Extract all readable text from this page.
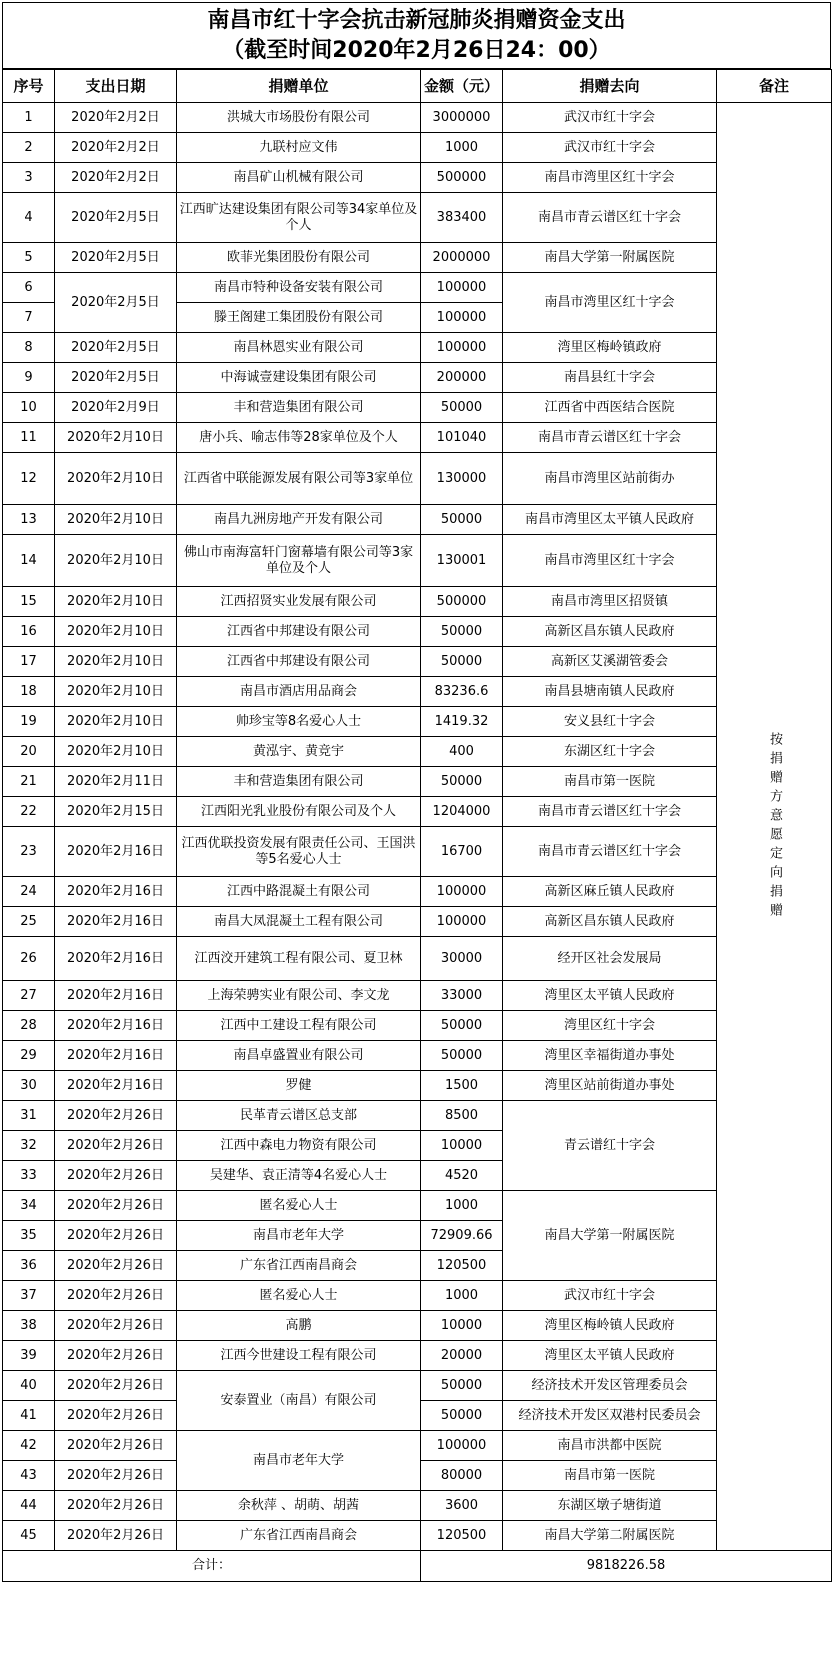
南昌市红十字会抗击新冠肺炎捐赠资金支出
（截至时间2020年2月26日24：00）
序号	支出日期	捐赠单位	金额（元）	捐赠去向	备注
1	2020年2月2日	洪城大市场股份有限公司	3000000	武汉市红十字会	按捐赠方意愿定向捐赠
2	2020年2月2日	九联村应文伟	1000	武汉市红十字会	
3	2020年2月2日	南昌矿山机械有限公司	500000	南昌市湾里区红十字会	
4	2020年2月5日	江西旷达建设集团有限公司等34家单位及个人	383400	南昌市青云谱区红十字会	
5	2020年2月5日	欧菲光集团股份有限公司	2000000	南昌大学第一附属医院	
6	2020年2月5日	南昌市特种设备安装有限公司	100000	南昌市湾里区红十字会	
7		滕王阁建工集团股份有限公司	100000		
8	2020年2月5日	南昌林恩实业有限公司	100000	湾里区梅岭镇政府	
9	2020年2月5日	中海诚壹建设集团有限公司	200000	南昌县红十字会	
10	2020年2月9日	丰和营造集团有限公司	50000	江西省中西医结合医院	
11	2020年2月10日	唐小兵、喻志伟等28家单位及个人	101040	南昌市青云谱区红十字会	
12	2020年2月10日	江西省中联能源发展有限公司等3家单位	130000	南昌市湾里区站前街办	
13	2020年2月10日	南昌九洲房地产开发有限公司	50000	南昌市湾里区太平镇人民政府	
14	2020年2月10日	佛山市南海富轩门窗幕墙有限公司等3家单位及个人	130001	南昌市湾里区红十字会	
15	2020年2月10日	江西招贤实业发展有限公司	500000	南昌市湾里区招贤镇	
16	2020年2月10日	江西省中邦建设有限公司	50000	高新区昌东镇人民政府	
17	2020年2月10日	江西省中邦建设有限公司	50000	高新区艾溪湖管委会	
18	2020年2月10日	南昌市酒店用品商会	83236.6	南昌县塘南镇人民政府	
19	2020年2月10日	帅珍宝等8名爱心人士	1419.32	安义县红十字会	
20	2020年2月10日	黄泓宇、黄竞宇	400	东湖区红十字会	
21	2020年2月11日	丰和营造集团有限公司	50000	南昌市第一医院	
22	2020年2月15日	江西阳光乳业股份有限公司及个人	1204000	南昌市青云谱区红十字会	
23	2020年2月16日	江西优联投资发展有限责任公司、王国洪等5名爱心人士	16700	南昌市青云谱区红十字会	
24	2020年2月16日	江西中路混凝土有限公司	100000	高新区麻丘镇人民政府	
25	2020年2月16日	南昌大凤混凝土工程有限公司	100000	高新区昌东镇人民政府	
26	2020年2月16日	江西洨开建筑工程有限公司、夏卫林	30000	经开区社会发展局	
27	2020年2月16日	上海荣骋实业有限公司、李文龙	33000	湾里区太平镇人民政府	
28	2020年2月16日	江西中工建设工程有限公司	50000	湾里区红十字会	
29	2020年2月16日	南昌卓盛置业有限公司	50000	湾里区幸福街道办事处	
30	2020年2月16日	罗健	1500	湾里区站前街道办事处	
31	2020年2月26日	民革青云谱区总支部	8500	青云谱红十字会	
32	2020年2月26日	江西中森电力物资有限公司	10000		
33	2020年2月26日	吴建华、袁正清等4名爱心人士	4520		
34	2020年2月26日	匿名爱心人士	1000	南昌大学第一附属医院	
35	2020年2月26日	南昌市老年大学	72909.66		
36	2020年2月26日	广东省江西南昌商会	120500		
37	2020年2月26日	匿名爱心人士	1000	武汉市红十字会	
38	2020年2月26日	高鹏	10000	湾里区梅岭镇人民政府	
39	2020年2月26日	江西今世建设工程有限公司	20000	湾里区太平镇人民政府	
40	2020年2月26日	安泰置业（南昌）有限公司	50000	经济技术开发区管理委员会	
41	2020年2月26日		50000	经济技术开发区双港村民委员会	
42	2020年2月26日	南昌市老年大学	100000	南昌市洪都中医院	
43	2020年2月26日		80000	南昌市第一医院	
44	2020年2月26日	余秋萍 、胡萌、胡茜	3600	东湖区墩子塘街道	
45	2020年2月26日	广东省江西南昌商会	120500	南昌大学第二附属医院	
合计：			9818226.58		
